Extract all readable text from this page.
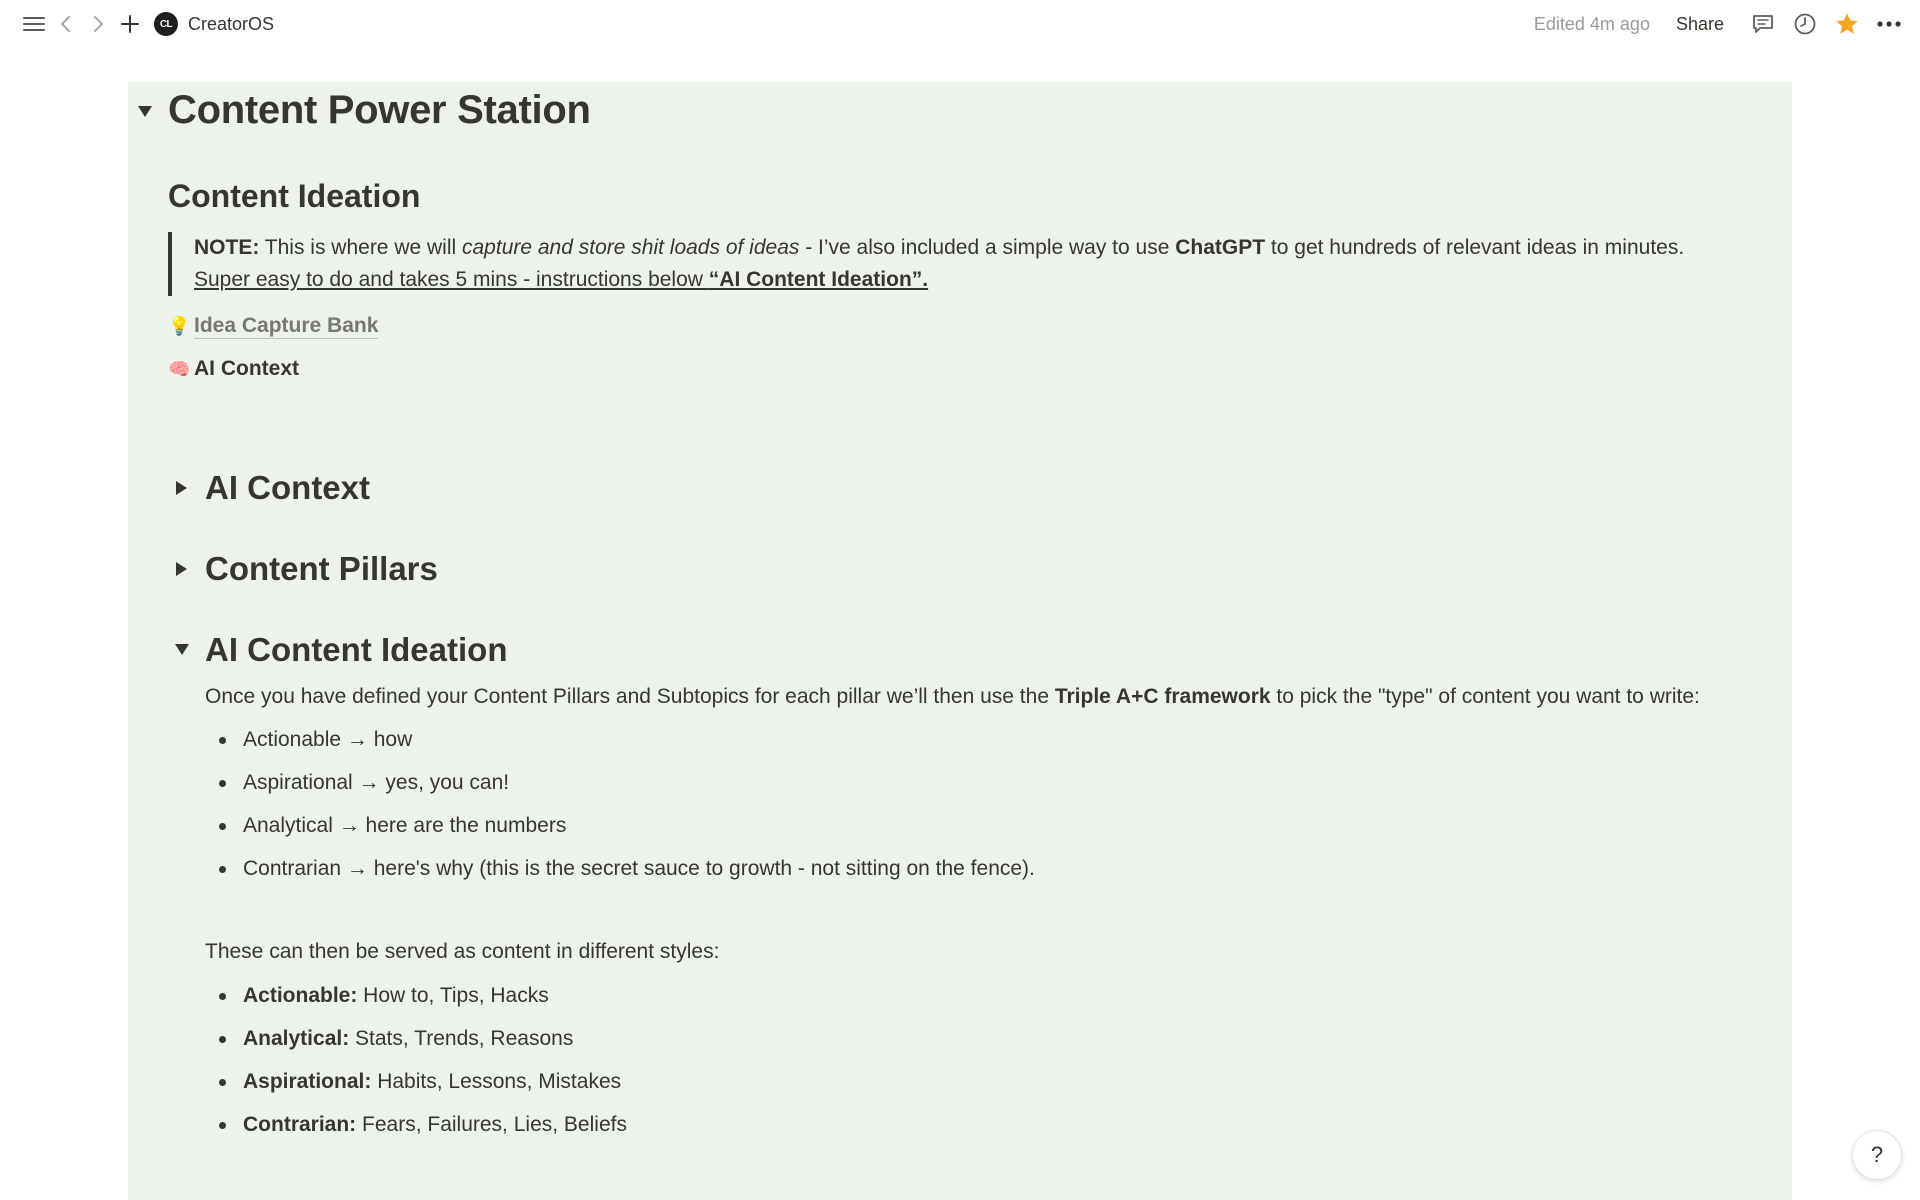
CL CreatorOS	Edited 4m ago Share
Content Power Station
Content Ideation
NOTE: This is where we will capture and store shit loads of ideas - I’ve also included a simple way to use ChatGPT to get hundreds of relevant ideas in minutes.
Super easy to do and takes 5 mins - instructions below “AI Content Ideation”.
💡 Idea Capture Bank
🧠 AI Context
AI Context
Content Pillars
AI Content Ideation
Once you have defined your Content Pillars and Subtopics for each pillar we’ll then use the Triple A+C framework to pick the "type" of content you want to write:
Actionable → how
Aspirational → yes, you can!
Analytical → here are the numbers
Contrarian → here's why (this is the secret sauce to growth - not sitting on the fence).
These can then be served as content in different styles:
Actionable: How to, Tips, Hacks
Analytical: Stats, Trends, Reasons
Aspirational: Habits, Lessons, Mistakes
Contrarian: Fears, Failures, Lies, Beliefs
?
